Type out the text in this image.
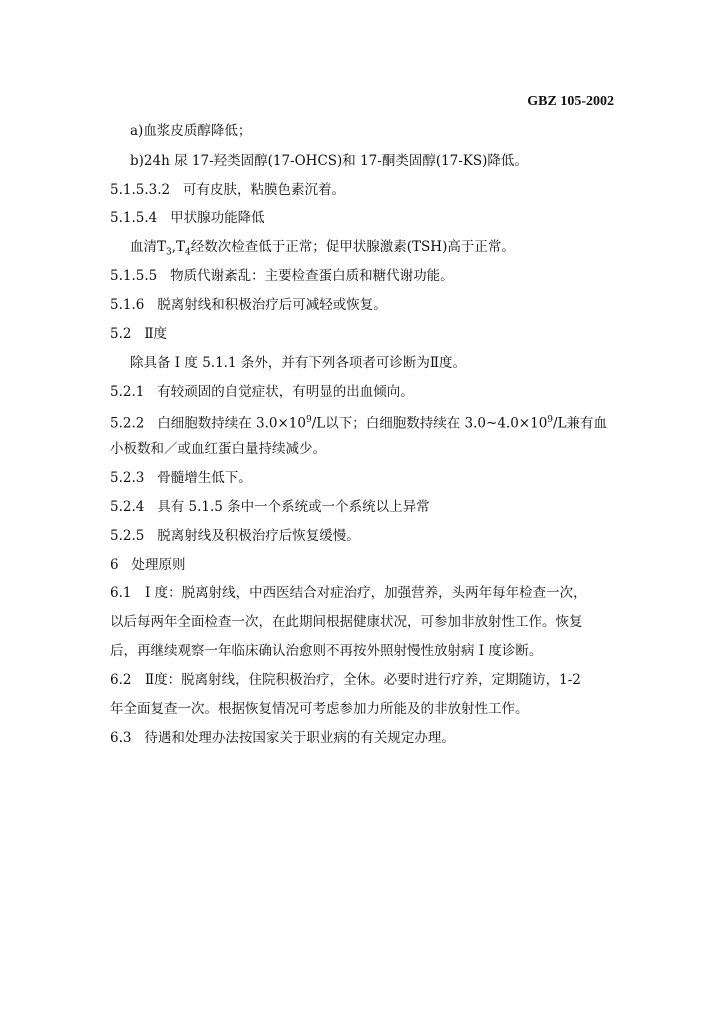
GBZ 105-2002
a)血浆皮质醇降低；
b)24h 尿 17-羟类固醇(17-OHCS)和 17-酮类固醇(17-KS)降低。
5.1.5.3.2 可有皮肤，粘膜色素沉着。
5.1.5.4 甲状腺功能降低
血清$T_3,T_4$经数次检查低于正常；促甲状腺激素(TSH)高于正常。
5.1.5.5 物质代谢紊乱：主要检查蛋白质和糖代谢功能。
5.1.6 脱离射线和积极治疗后可减轻或恢复。
5.2 Ⅱ度
除具备 I 度 5.1.1 条外，并有下列各项者可诊断为Ⅱ度。
5.2.1 有较顽固的自觉症状，有明显的出血倾向。
5.2.2 白细胞数持续在 $3.0\times 10^9/L$以下；白细胞数持续在 $3.0\sim 4.0\times 10^9/L$兼有血
小板数和／或血红蛋白量持续减少。
5.2.3 骨髓增生低下。
5.2.4 具有 5.1.5 条中一个系统或一个系统以上异常
5.2.5 脱离射线及积极治疗后恢复缓慢。
6 处理原则
6.1　I 度：脱离射线，中西医结合对症治疗，加强营养，头两年每年检查一次，
以后每两年全面检查一次，在此期间根据健康状况，可参加非放射性工作。恢复
后，再继续观察一年临床确认治愈则不再按外照射慢性放射病 I 度诊断。
6.2　Ⅱ度：脱离射线，住院积极治疗，全休。必要时进行疗养，定期随访，1-2
年全面复查一次。根据恢复情况可考虑参加力所能及的非放射性工作。
6.3 待遇和处理办法按国家关于职业病的有关规定办理。
